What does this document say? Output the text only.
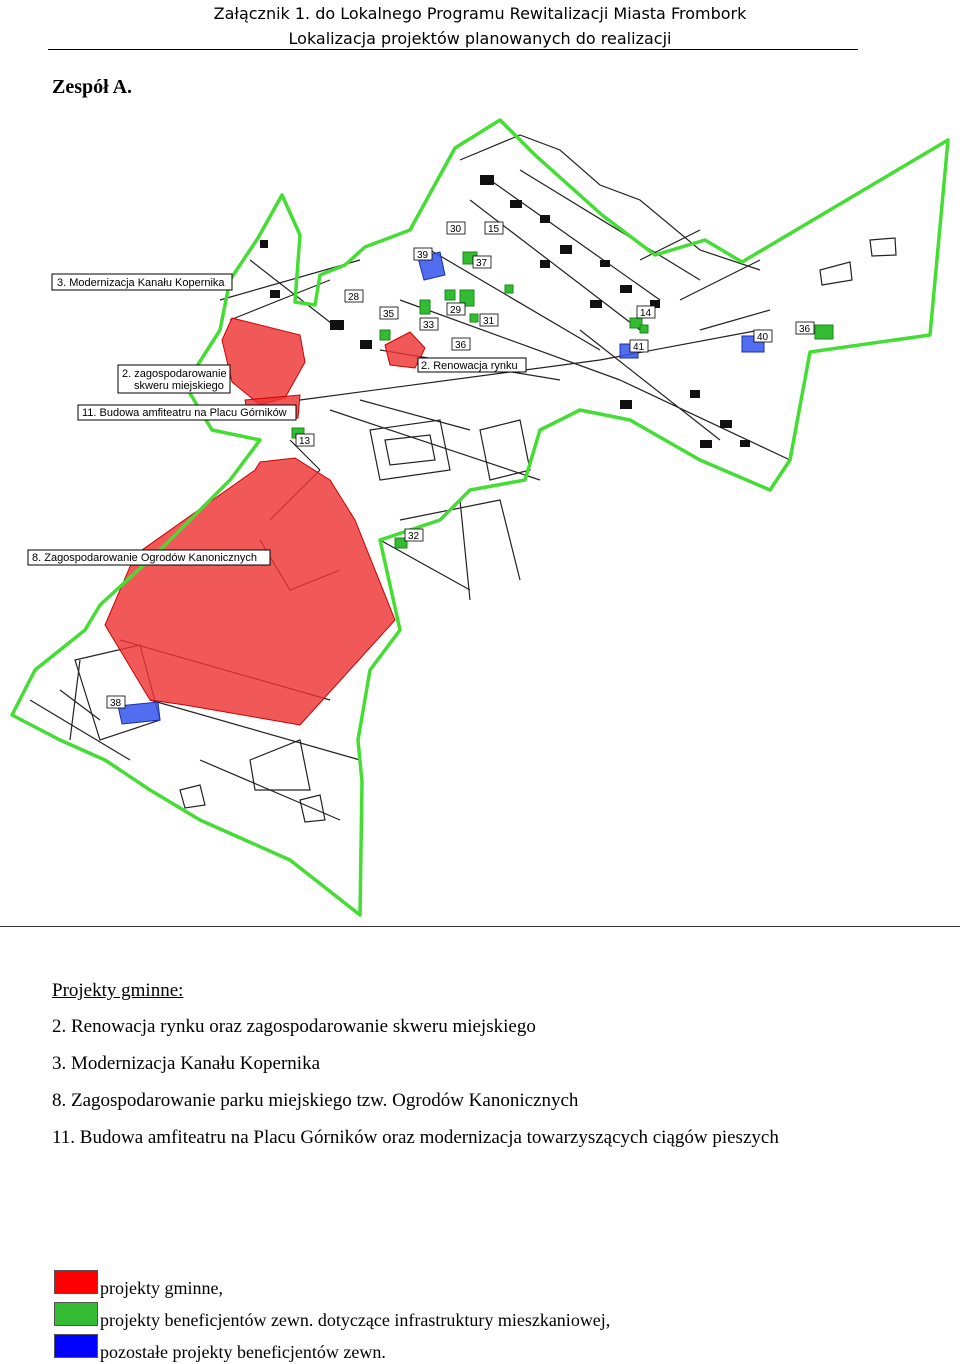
Załącznik 1. do Lokalnego Programu Rewitalizacji Miasta Frombork
Lokalizacja projektów planowanych do realizacji
Zespół A.
3. Modernizacja Kanału Kopernika
2. zagospodarowanie
skweru miejskiego
11. Budowa amfiteatru na Placu Górników
2. Renowacja rynku
8. Zagospodarowanie Ogrodów Kanonicznych
39
30	15
37
28
35
33
29
31
36
14
41
40
36
13
32
38
Projekty gminne:
2. Renowacja rynku oraz zagospodarowanie skweru miejskiego
3. Modernizacja Kanału Kopernika
8. Zagospodarowanie parku miejskiego tzw. Ogrodów Kanonicznych
11. Budowa amfiteatru na Placu Górników oraz modernizacja towarzyszących ciągów pieszych
projekty gminne,
projekty beneficjentów zewn. dotyczące infrastruktury mieszkaniowej,
pozostałe projekty beneficjentów zewn.
